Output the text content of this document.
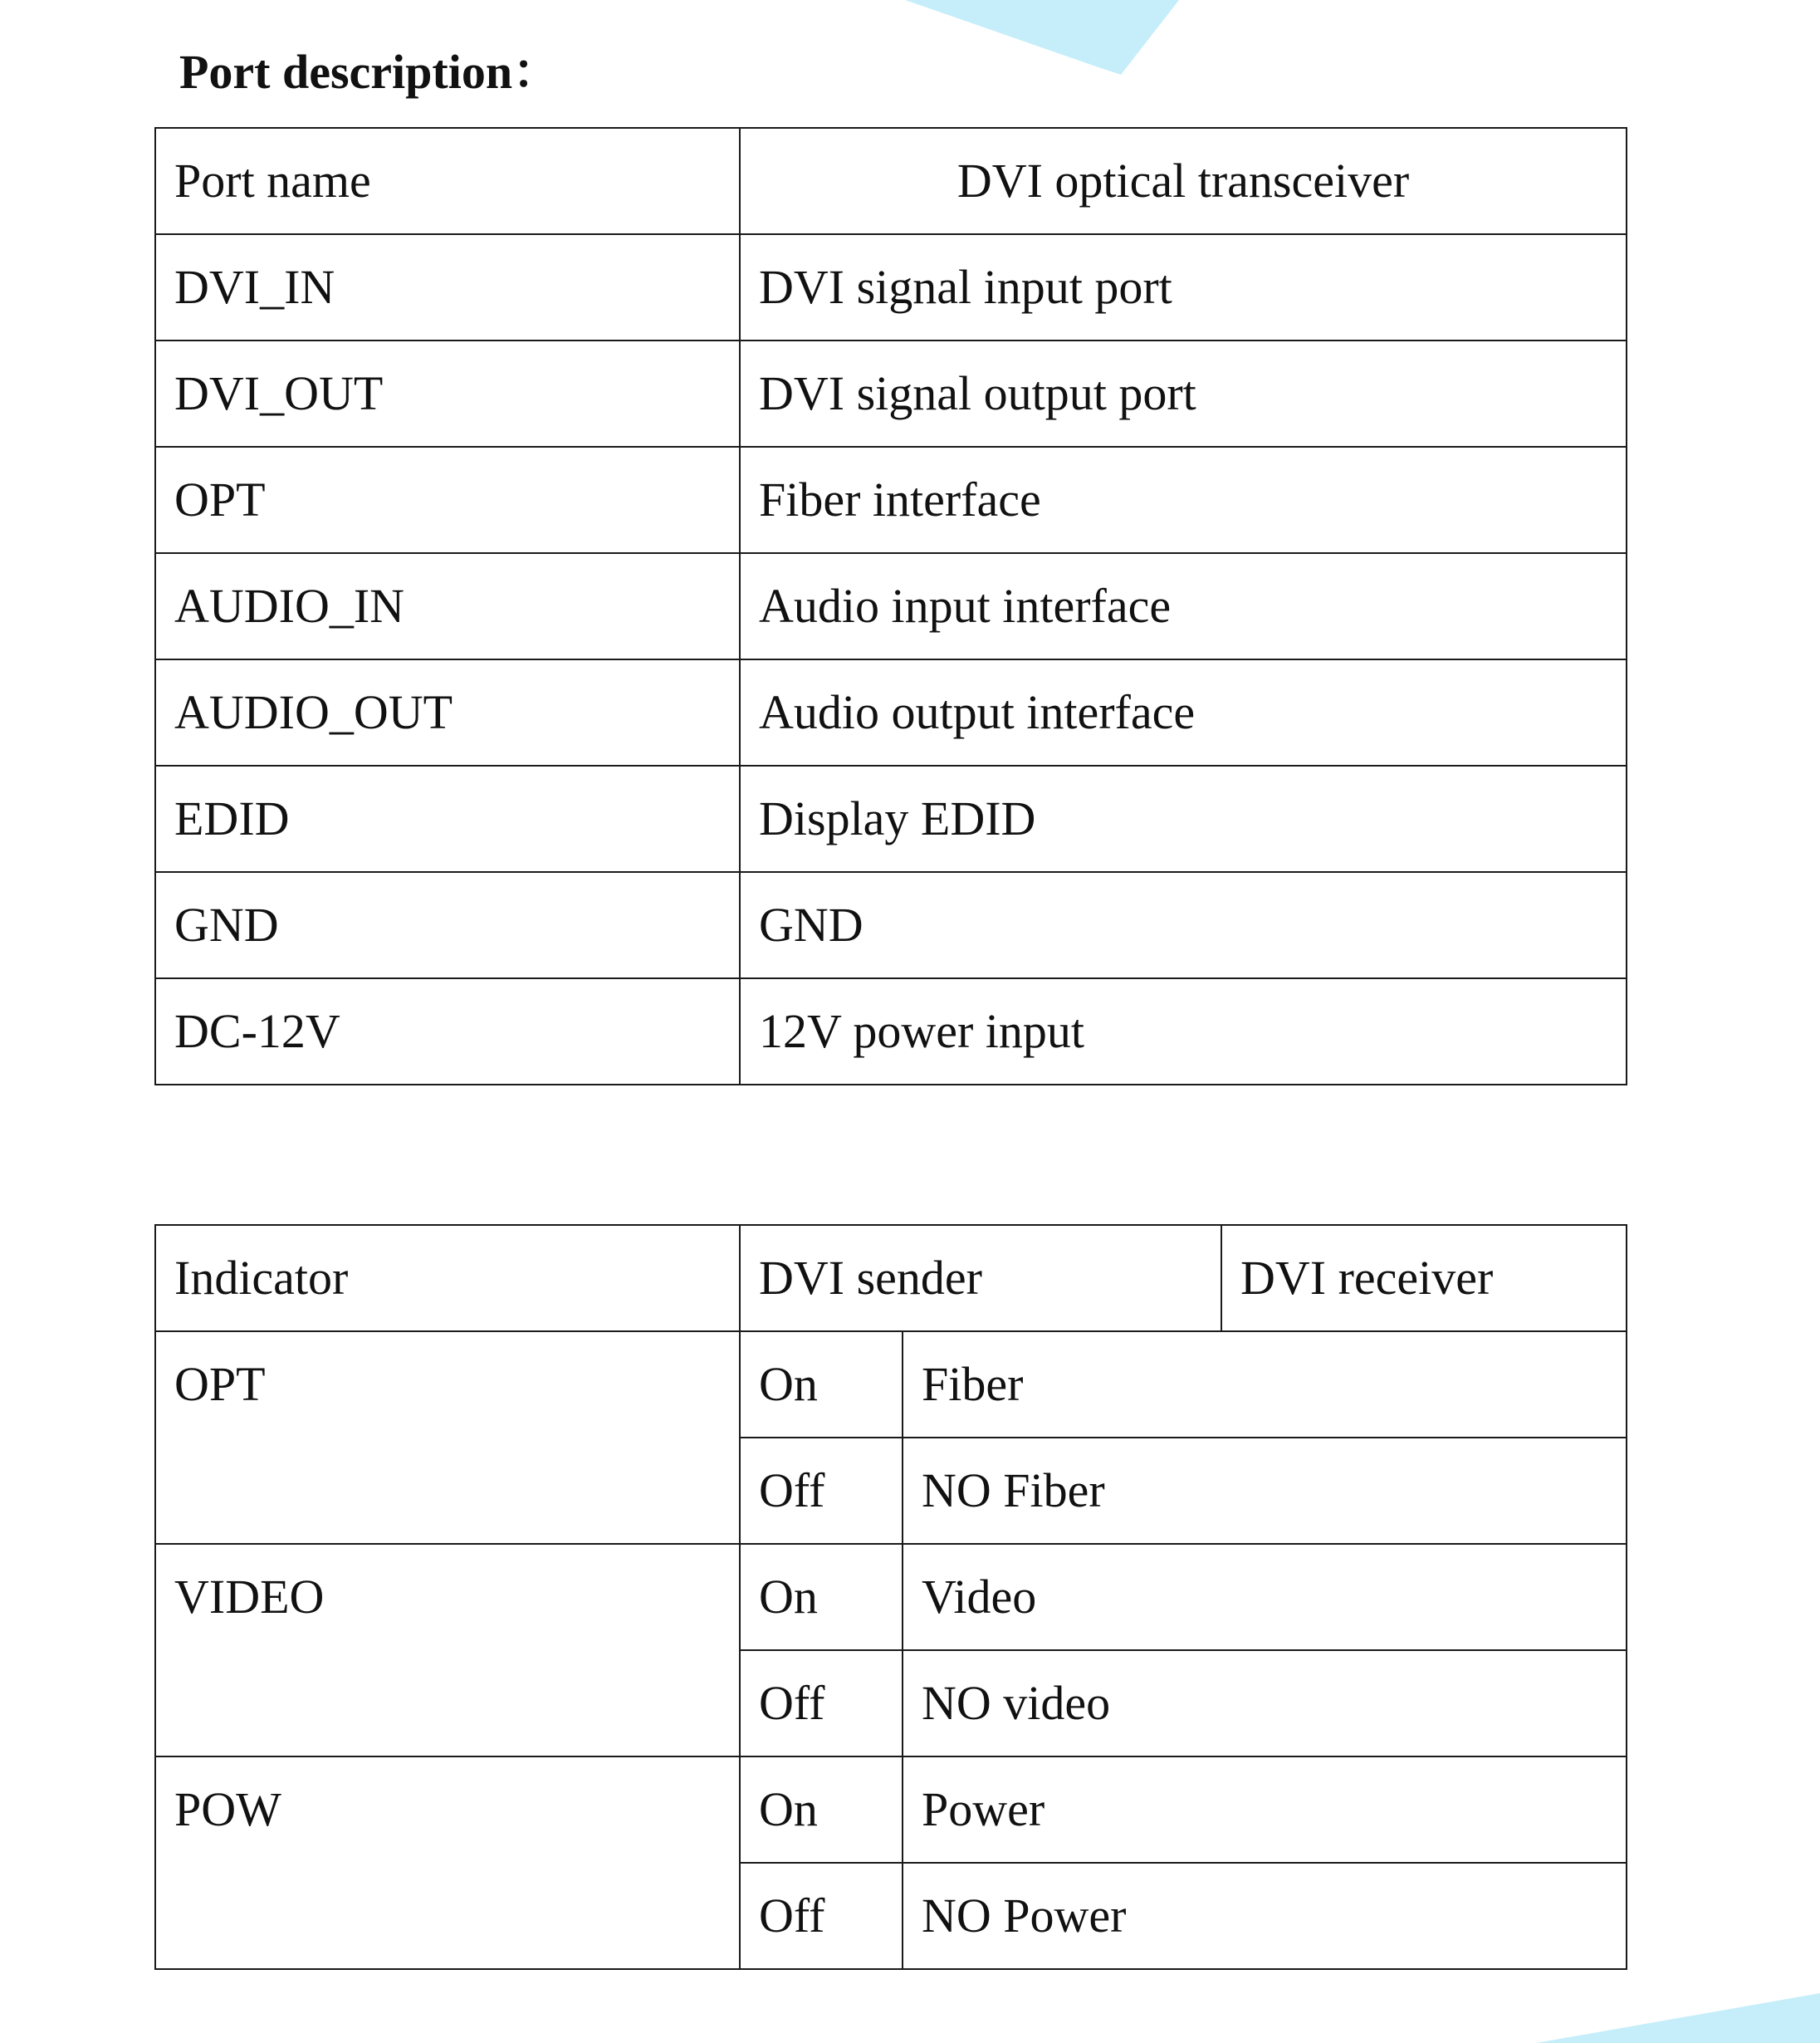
Port description：
Port name	DVI optical transceiver
DVI_IN	DVI signal input port
DVI_OUT	DVI signal output port
OPT	Fiber interface
AUDIO_IN	Audio input interface
AUDIO_OUT	Audio output interface
EDID	Display EDID
GND	GND
DC-12V	12V power input
Indicator	DVI sender		DVI receiver
OPT	On	Fiber	
	Off	NO Fiber	
VIDEO	On	Video	
	Off	NO video	
POW	On	Power	
	Off	NO Power	
